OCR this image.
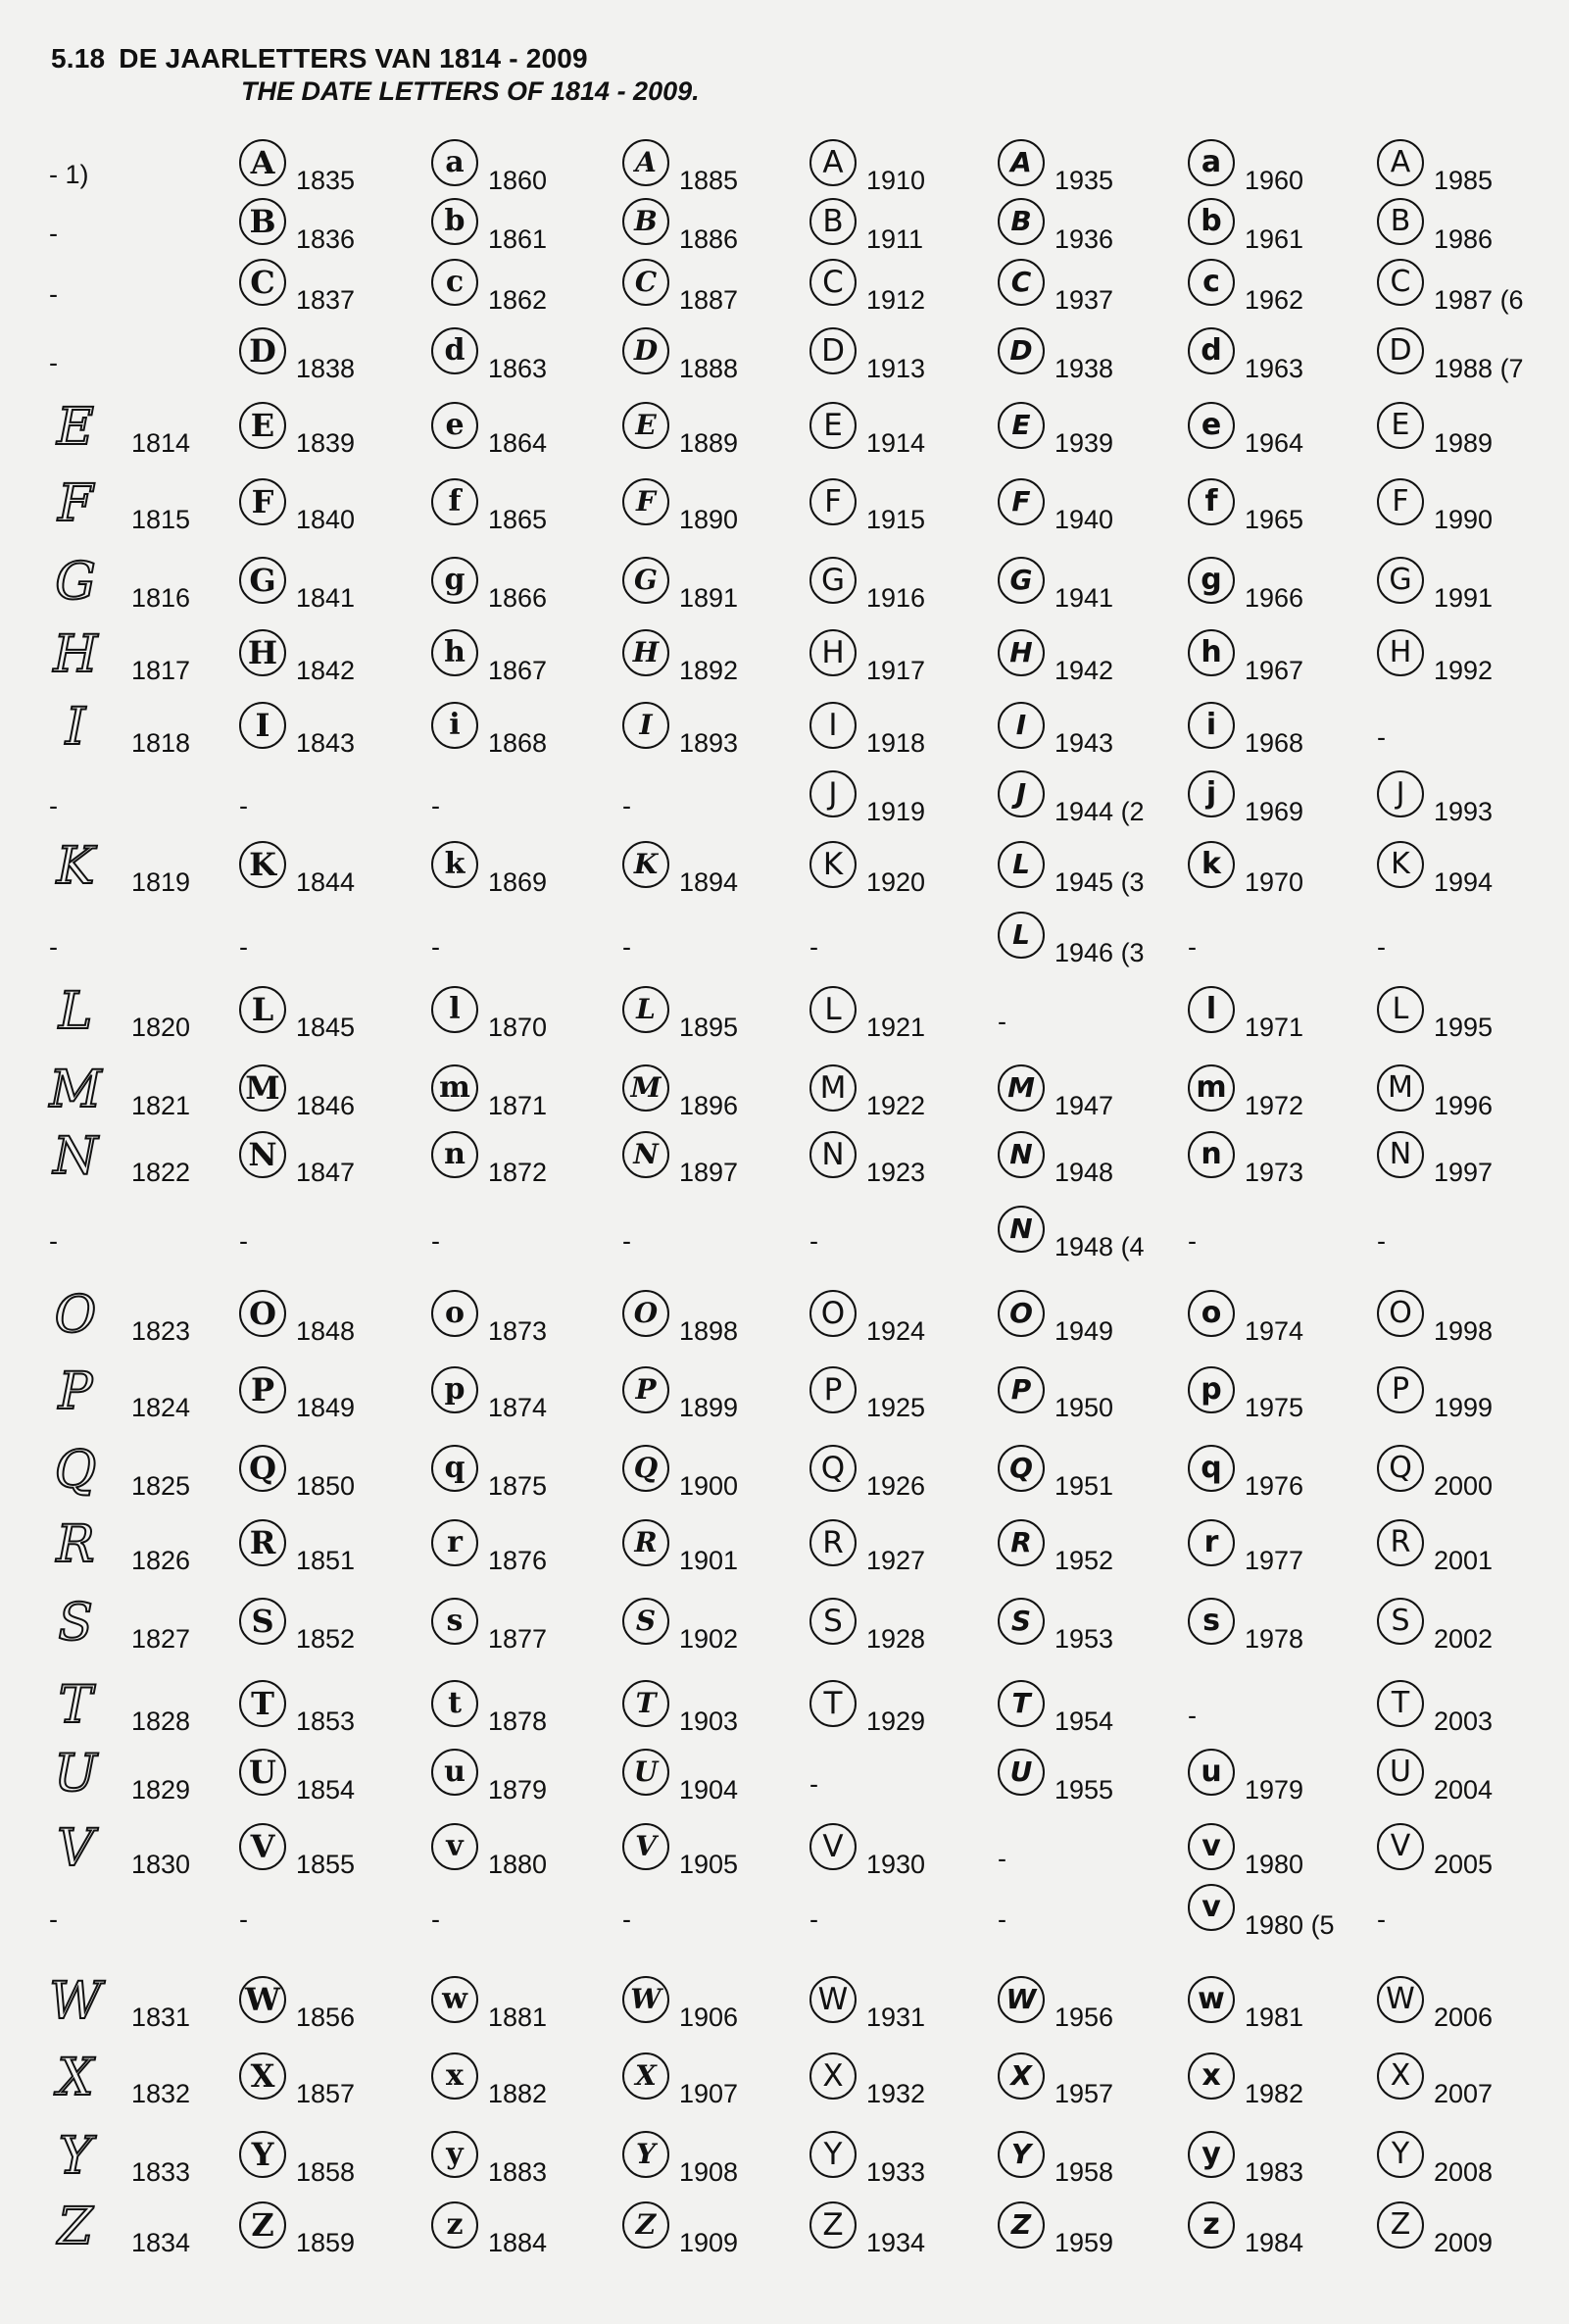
5.18 DE JAARLETTERS VAN 1814 - 2009
THE DATE LETTERS OF 1814 - 2009.
- 1)
-
-
-
E 1814
F 1815
G 1816
H 1817
I 1818
-
K 1819
-
L 1820
M 1821
N 1822
-
O 1823
P 1824
Q 1825
R 1826
S 1827
T 1828
U 1829
V 1830
-
W 1831
X 1832
Y 1833
Z 1834
A 1835
B 1836
C 1837
D 1838
E 1839
F 1840
G 1841
H 1842
I 1843
-
K 1844
-
L 1845
M 1846
N 1847
-
O 1848
P 1849
Q 1850
R 1851
S 1852
T 1853
U 1854
V 1855
-
W 1856
X 1857
Y 1858
Z 1859
a
1860
b
1861
c
1862
d
1863
e
1864
f
1865
g
1866
h
1867
i
1868
-
k
1869
-
l
1870
m
1871
n
1872
-
o
1873
p
1874
q
1875
r
1876
s
1877
t
1878
u
1879
v
1880
-
w
1881
x
1882
y
1883
z
1884
A
1885
B
1886
C
1887
D
1888
E
1889
F
1890
G
1891
H
1892
I
1893
-
K
1894
-
L
1895
M
1896
N
1897
-
O
1898
P
1899
Q
1900
R
1901
S
1902
T
1903
U
1904
V
1905
-
W
1906
X
1907
Y
1908
Z
1909
A
1910
B
1911
C
1912
D
1913
E
1914
F
1915
G
1916
H
1917
I
1918
J
1919
K
1920
-
L
1921
M
1922
N
1923
-
O
1924
P
1925
Q
1926
R
1927
S
1928
T
1929
-
V
1930
-
W
1931
X
1932
Y
1933
Z
1934
A
1935
B
1936
C
1937
D
1938
E
1939
F
1940
G
1941
H
1942
I
1943
J
1944 (2
L
1945 (3
L
1946 (3
-
M
1947
N
1948
N
1948 (4
O
1949
P
1950
Q
1951
R
1952
S
1953
T
1954
U
1955
-
-
W
1956
X
1957
Y
1958
Z
1959
a
1960
b
1961
c
1962
d
1963
e
1964
f
1965
g
1966
h
1967
i
1968
j
1969
k
1970
-
l
1971
m
1972
n
1973
-
o
1974
p
1975
q
1976
r
1977
s
1978
-
u
1979
v
1980
v
1980 (5
w
1981
x
1982
y
1983
z
1984
A
1985
B
1986
C
1987 (6
D
1988 (7
E
1989
F
1990
G
1991
H
1992
-
J
1993
K
1994
-
L
1995
M
1996
N
1997
-
O
1998
P
1999
Q
2000
R
2001
S
2002
T
2003
U
2004
V
2005
-
W
2006
X
2007
Y
2008
Z
2009
